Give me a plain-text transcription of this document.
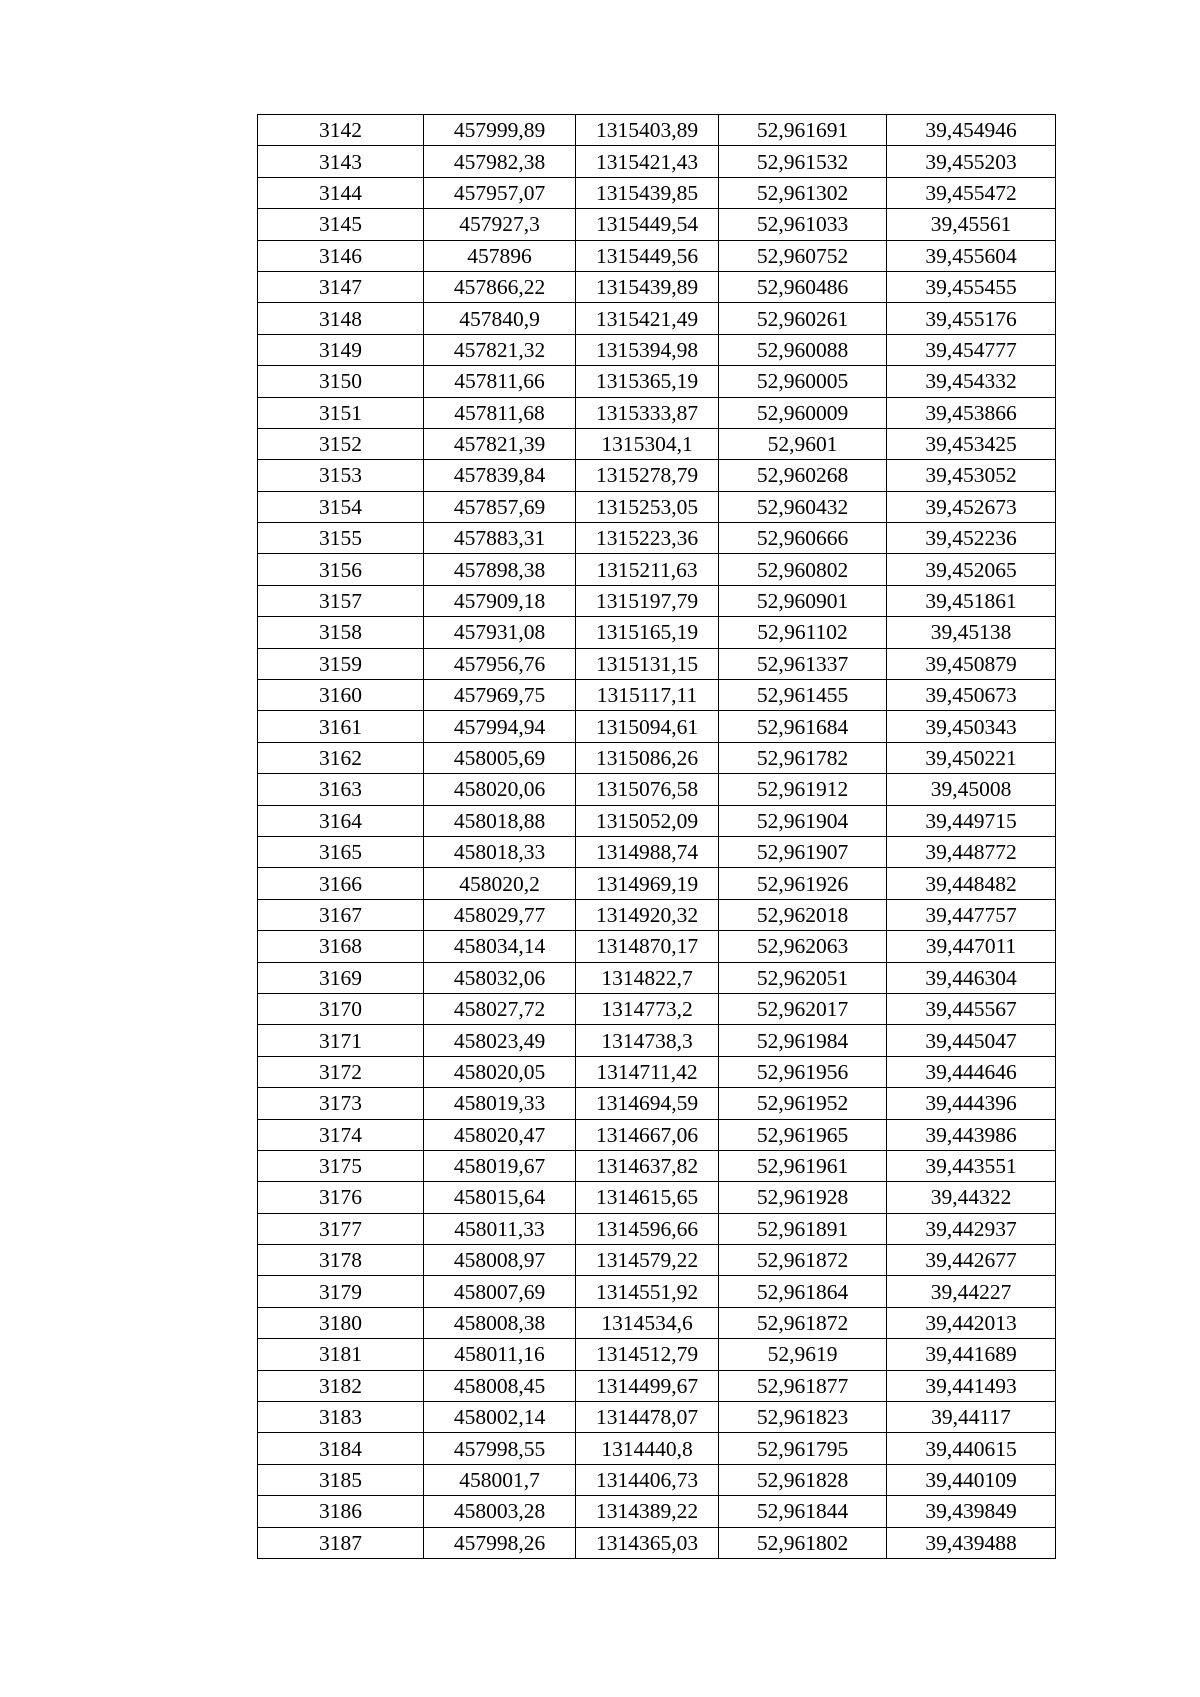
3142	457999,89	1315403,89	52,961691	39,454946
3143	457982,38	1315421,43	52,961532	39,455203
3144	457957,07	1315439,85	52,961302	39,455472
3145	457927,3	1315449,54	52,961033	39,45561
3146	457896	1315449,56	52,960752	39,455604
3147	457866,22	1315439,89	52,960486	39,455455
3148	457840,9	1315421,49	52,960261	39,455176
3149	457821,32	1315394,98	52,960088	39,454777
3150	457811,66	1315365,19	52,960005	39,454332
3151	457811,68	1315333,87	52,960009	39,453866
3152	457821,39	1315304,1	52,9601	39,453425
3153	457839,84	1315278,79	52,960268	39,453052
3154	457857,69	1315253,05	52,960432	39,452673
3155	457883,31	1315223,36	52,960666	39,452236
3156	457898,38	1315211,63	52,960802	39,452065
3157	457909,18	1315197,79	52,960901	39,451861
3158	457931,08	1315165,19	52,961102	39,45138
3159	457956,76	1315131,15	52,961337	39,450879
3160	457969,75	1315117,11	52,961455	39,450673
3161	457994,94	1315094,61	52,961684	39,450343
3162	458005,69	1315086,26	52,961782	39,450221
3163	458020,06	1315076,58	52,961912	39,45008
3164	458018,88	1315052,09	52,961904	39,449715
3165	458018,33	1314988,74	52,961907	39,448772
3166	458020,2	1314969,19	52,961926	39,448482
3167	458029,77	1314920,32	52,962018	39,447757
3168	458034,14	1314870,17	52,962063	39,447011
3169	458032,06	1314822,7	52,962051	39,446304
3170	458027,72	1314773,2	52,962017	39,445567
3171	458023,49	1314738,3	52,961984	39,445047
3172	458020,05	1314711,42	52,961956	39,444646
3173	458019,33	1314694,59	52,961952	39,444396
3174	458020,47	1314667,06	52,961965	39,443986
3175	458019,67	1314637,82	52,961961	39,443551
3176	458015,64	1314615,65	52,961928	39,44322
3177	458011,33	1314596,66	52,961891	39,442937
3178	458008,97	1314579,22	52,961872	39,442677
3179	458007,69	1314551,92	52,961864	39,44227
3180	458008,38	1314534,6	52,961872	39,442013
3181	458011,16	1314512,79	52,9619	39,441689
3182	458008,45	1314499,67	52,961877	39,441493
3183	458002,14	1314478,07	52,961823	39,44117
3184	457998,55	1314440,8	52,961795	39,440615
3185	458001,7	1314406,73	52,961828	39,440109
3186	458003,28	1314389,22	52,961844	39,439849
3187	457998,26	1314365,03	52,961802	39,439488
